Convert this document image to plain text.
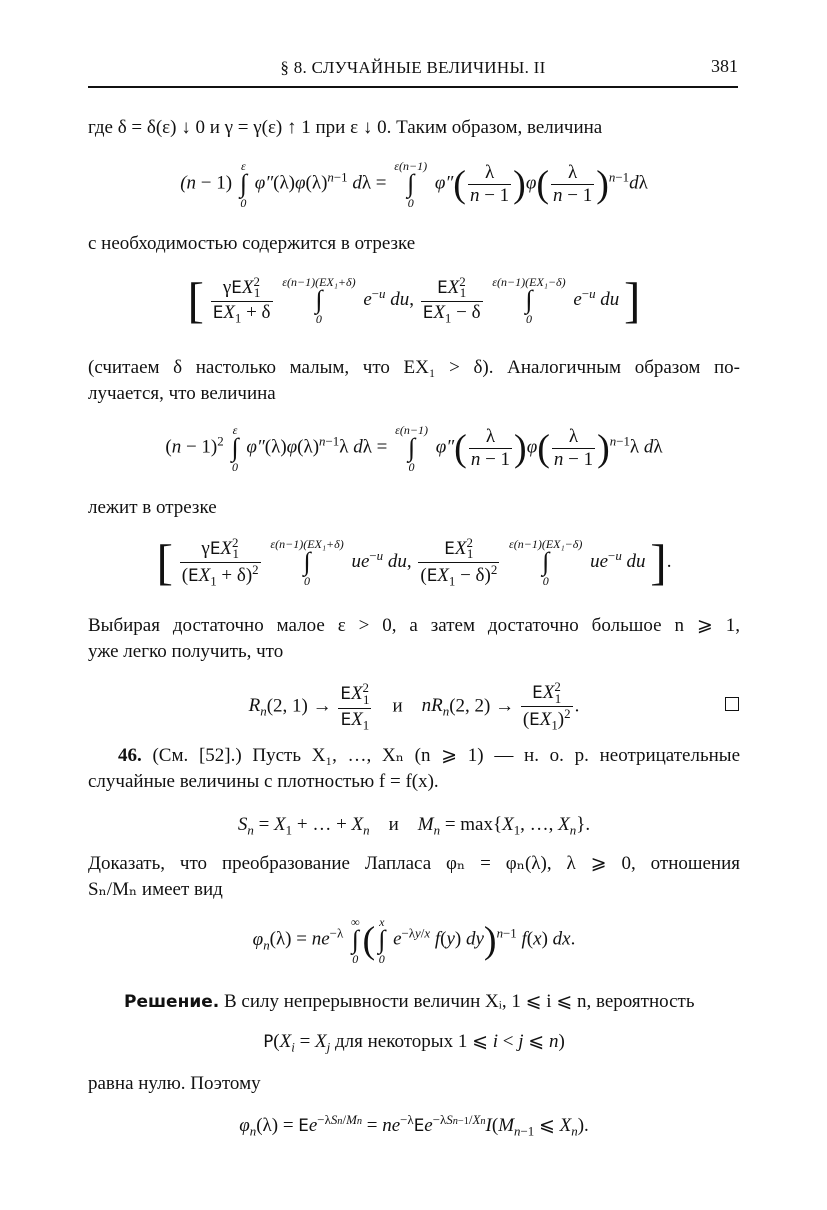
§ 8. СЛУЧАЙНЫЕ ВЕЛИЧИНЫ. II	381
где δ = δ(ε) ↓ 0 и γ = γ(ε) ↑ 1 при ε ↓ 0. Таким образом, величина
(n − 1)
ε
∫
0
$\varphi''(\lambda)\varphi(\lambda)^{n-1}$ dλ =
ε(n−1)
∫
0
$\varphi''( \frac{\lambda}{n - 1} )\varphi( \frac{\lambda}{n - 1} )^{n-1}d\lambda$
с необходимостью содержится в отрезке
[ $\frac{\gamma EX^2_1}{EX_1 + \delta}$
ε(n−1)(EX₁+δ)
∫
0
$e^{-u}$ du, $\frac{EX^2_1}{EX_1 - \delta}$
ε(n−1)(EX₁−δ)
∫
0
$e^{-u}$ du ]
(считаем δ настолько малым, что EX₁ > δ). Аналогичным образом по-
лучается, что величина
$(n - 1)^2$
ε
∫
0
$\varphi''(\lambda)\varphi(\lambda)^{n-1}\lambda$ dλ =
ε(n−1)
∫
0
$\varphi''( \frac{\lambda}{n - 1} )\varphi( \frac{\lambda}{n - 1} )^{n-1}\lambda$ dλ
лежит в отрезке
[ $\frac{\gamma EX^2_1}{(EX_1 + \delta)^2}$
ε(n−1)(EX₁+δ)
∫
0
$ue^{-u}$ du, $\frac{EX^2_1}{(EX_1 - \delta)^2}$
ε(n−1)(EX₁−δ)
∫
0
$ue^{-u}$ du ].
Выбирая достаточно малое ε > 0, а затем достаточно большое n ⩾ 1,
уже легко получить, что
$R_n(2$, $1) \to \frac{EX^2_1}{EX_1}$ и $nR_n(2$, $2) \to \frac{EX^2_1}{(EX_1)^2}$ .
46. (См. [52].) Пусть X₁, …, Xₙ (n ⩾ 1) — н. о. р. неотрицательные
случайные величины с плотностью f = f(x).
$S_n = X_1$ + … + $X_n$ и $M_n = \max\{X_1$, …, $X_n$}.
Доказать, что преобразование Лапласа φₙ = φₙ(λ), λ ⩾ 0, отношения
Sₙ/Mₙ имеет вид
$\varphi_n(\lambda) = ne^{-\lambda}$
∞
∫
0 ( x
∫
0
$e^{-\lambda y/x}$ f(y) dy)$^{n-1}$ f(x) dx.
Решение. В силу непрерывности величин Xᵢ, 1 ⩽ i ⩽ n, вероятность
$P(X_i = X_j$ для некоторых 1 ⩽ i < j ⩽ n)
равна нулю. Поэтому
$\varphi_n(\lambda) = Ee^{-\lambda Sn/Mn} = ne^{-\lambda}Ee^{-\lambda Sn-1/Xn}I(M_{n-1}$ ⩽ $X_n$).
